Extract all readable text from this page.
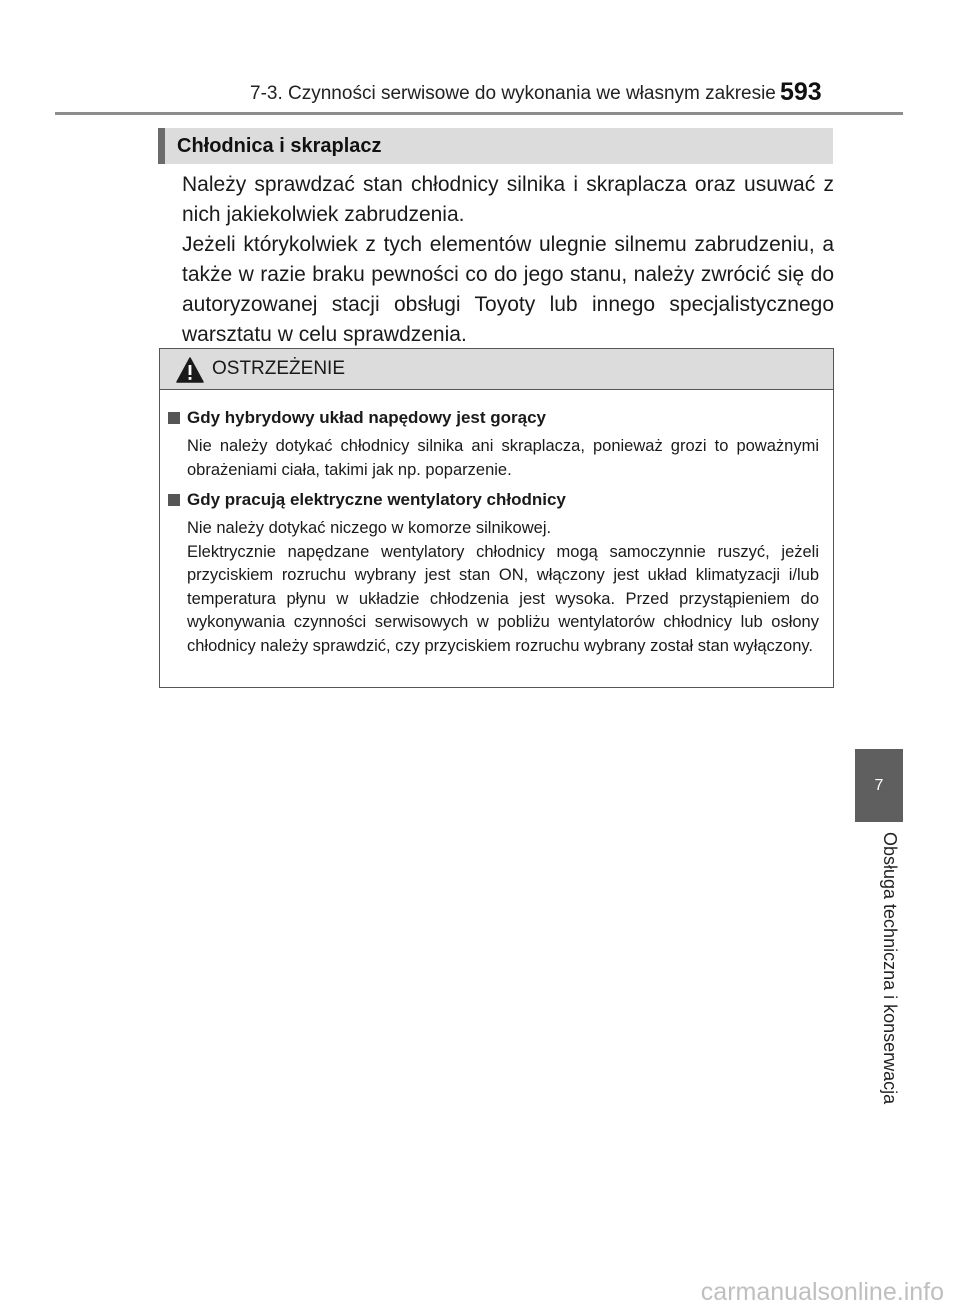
7-3. Czynności serwisowe do wykonania we własnym zakresie 593
Chłodnica i skraplacz

Należy sprawdzać stan chłodnicy silnika i skraplacza oraz usuwać z nich jakiekolwiek zabrudzenia.

Jeżeli którykolwiek z tych elementów ulegnie silnemu zabrudzeniu, a także w razie braku pewności co do jego stanu, należy zwrócić się do autoryzowanej stacji obsługi Toyoty lub innego specjalistycznego warsztatu w celu sprawdzenia.

OSTRZEŻENIE
Gdy hybrydowy układ napędowy jest gorący

Nie należy dotykać chłodnicy silnika ani skraplacza, ponieważ grozi to poważnymi obrażeniami ciała, takimi jak np. poparzenie.

Gdy pracują elektryczne wentylatory chłodnicy

Nie należy dotykać niczego w komorze silnikowej.

Elektrycznie napędzane wentylatory chłodnicy mogą samoczynnie ruszyć, jeżeli przyciskiem rozruchu wybrany jest stan ON, włączony jest układ klimatyzacji i/lub temperatura płynu w układzie chłodzenia jest wysoka. Przed przystąpieniem do wykonywania czynności serwisowych w pobliżu wentylatorów chłodnicy lub osłony chłodnicy należy sprawdzić, czy przyciskiem rozruchu wybrany został stan wyłączony.

7
Obsługa techniczna i konserwacja
carmanualsonline.info
